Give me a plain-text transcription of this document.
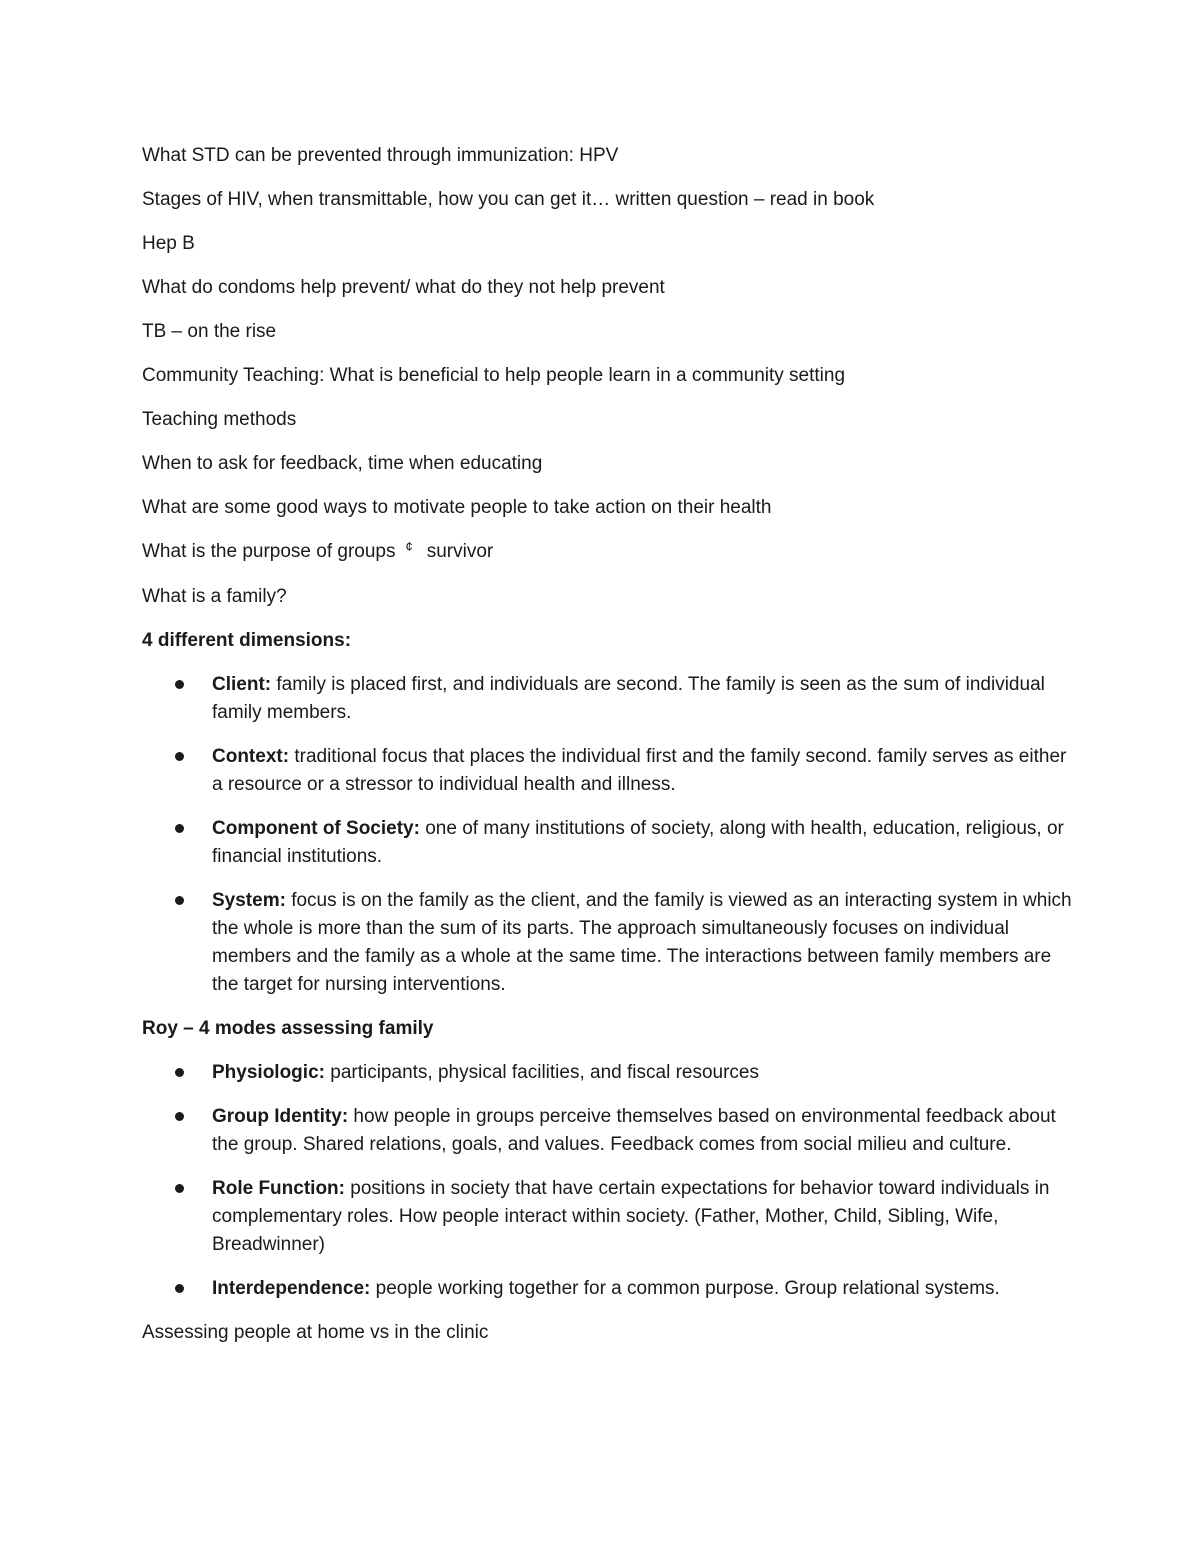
What STD can be prevented through immunization: HPV

Stages of HIV, when transmittable, how you can get it… written question – read in book

Hep B

What do condoms help prevent/ what do they not help prevent

TB – on the rise

Community Teaching: What is beneficial to help people learn in a community setting

Teaching methods

When to ask for feedback, time when educating

What are some good ways to motivate people to take action on their health

What is the purpose of groups ¢ survivor

What is a family?

4 different dimensions:

Client: family is placed first, and individuals are second. The family is seen as the sum of individual family members.
Context: traditional focus that places the individual first and the family second. family serves as either a resource or a stressor to individual health and illness.
Component of Society: one of many institutions of society, along with health, education, religious, or financial institutions.
System: focus is on the family as the client, and the family is viewed as an interacting system in which the whole is more than the sum of its parts. The approach simultaneously focuses on individual members and the family as a whole at the same time. The interactions between family members are the target for nursing interventions.

Roy – 4 modes assessing family

Physiologic: participants, physical facilities, and fiscal resources
Group Identity: how people in groups perceive themselves based on environmental feedback about the group. Shared relations, goals, and values. Feedback comes from social milieu and culture.
Role Function: positions in society that have certain expectations for behavior toward individuals in complementary roles. How people interact within society. (Father, Mother, Child, Sibling, Wife, Breadwinner)
Interdependence: people working together for a common purpose. Group relational systems.

Assessing people at home vs in the clinic
